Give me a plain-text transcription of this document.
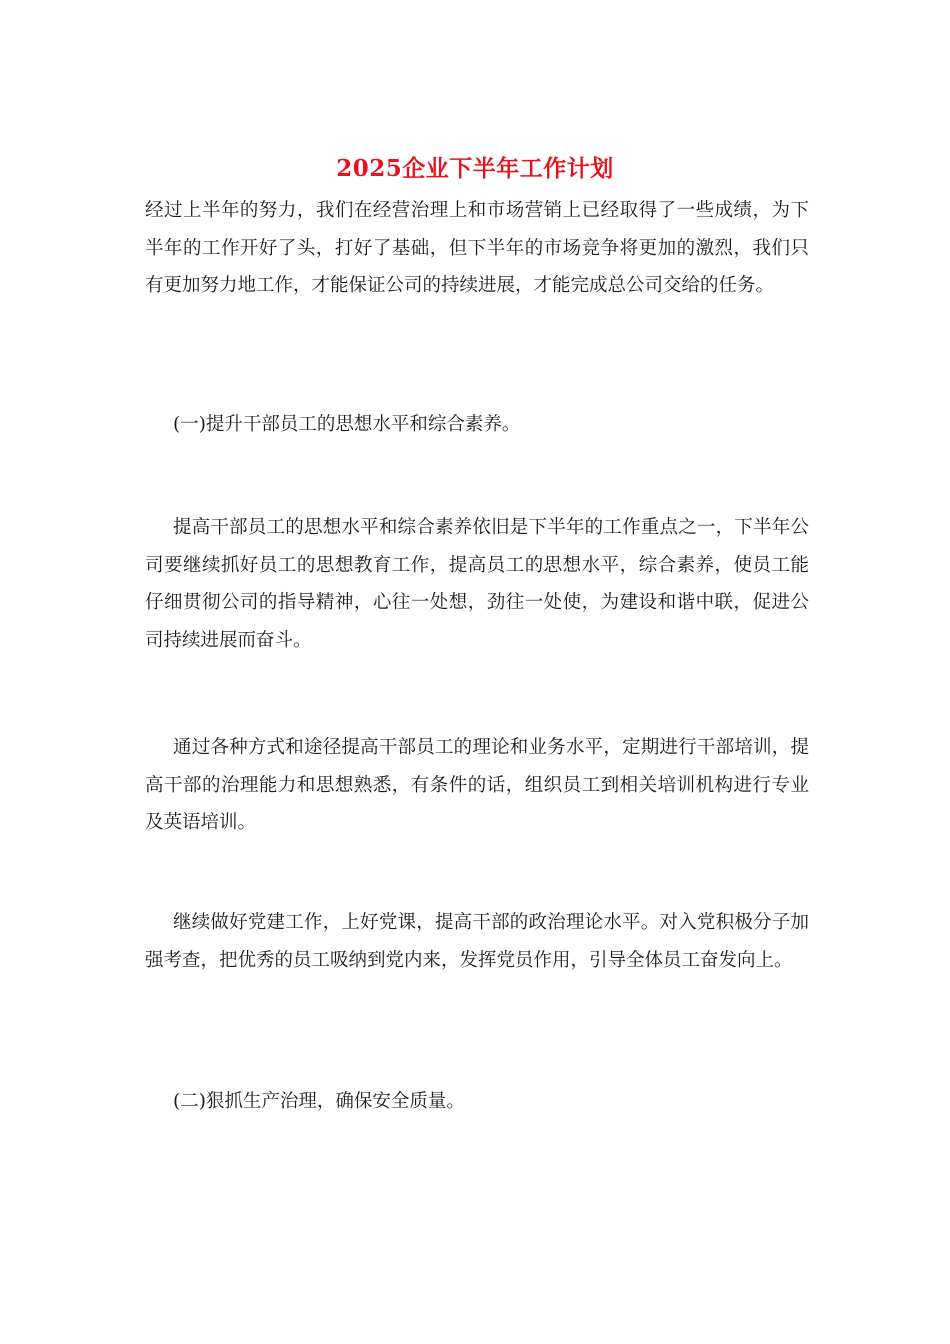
2025企业下半年工作计划

经过上半年的努力，我们在经营治理上和市场营销上已经取得了一些成绩，为下半年的工作开好了头，打好了基础，但下半年的市场竞争将更加的激烈，我们只有更加努力地工作，才能保证公司的持续进展，才能完成总公司交给的任务。

(一)提升干部员工的思想水平和综合素养。

提高干部员工的思想水平和综合素养依旧是下半年的工作重点之一，下半年公司要继续抓好员工的思想教育工作，提高员工的思想水平，综合素养，使员工能仔细贯彻公司的指导精神，心往一处想，劲往一处使，为建设和谐中联，促进公司持续进展而奋斗。

通过各种方式和途径提高干部员工的理论和业务水平，定期进行干部培训，提高干部的治理能力和思想熟悉，有条件的话，组织员工到相关培训机构进行专业及英语培训。

继续做好党建工作，上好党课，提高干部的政治理论水平。对入党积极分子加强考查，把优秀的员工吸纳到党内来，发挥党员作用，引导全体员工奋发向上。

(二)狠抓生产治理，确保安全质量。
